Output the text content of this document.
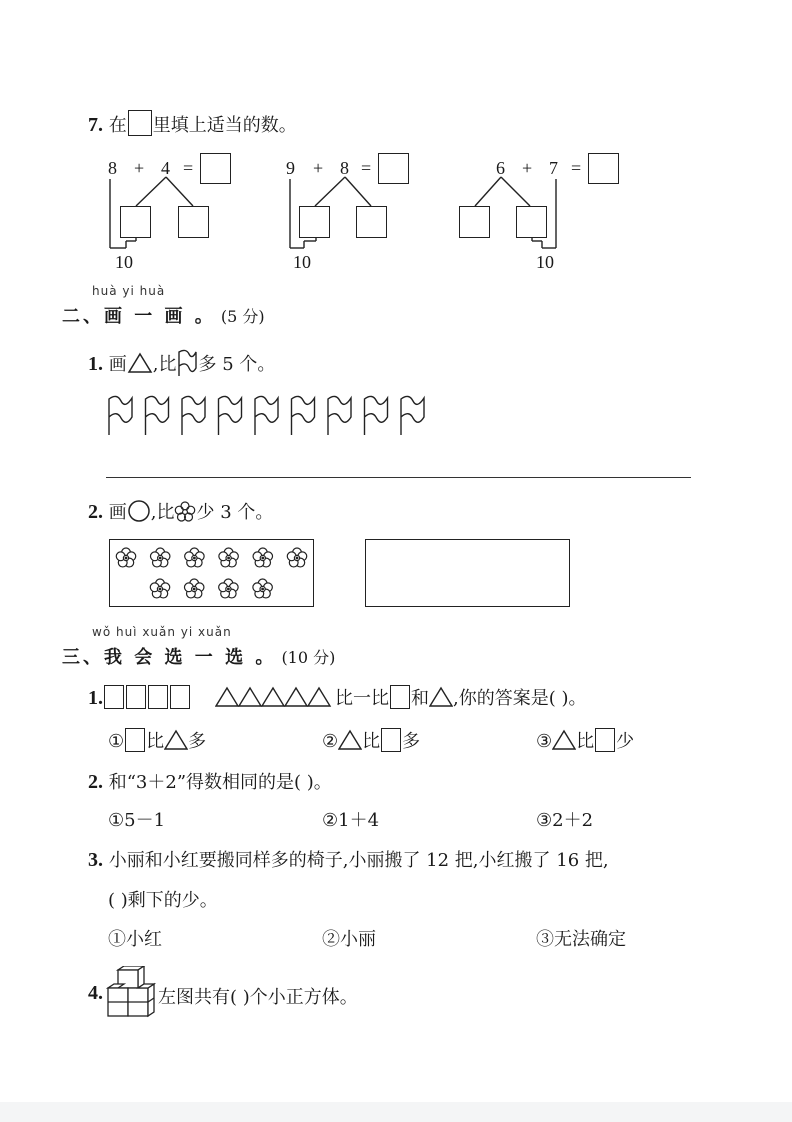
7. 在 里填上适当的数。
8 + 4 =
10
9 + 8 =
10
6 + 7 =
10
huà yi huà
二、画 一 画 。 (5 分)
1. 画 ,比 多 5 个。
2. 画 ,比 少 3 个。
wǒ huì xuǎn yi xuǎn
三、我 会 选 一 选 。 (10 分)
1.	比一比 和 ,你的答案是( )。
① 比 多	② 比 多	③ 比 少
2. 和“3＋2”得数相同的是( )。
①5－1	②1＋4	③2＋2
3. 小丽和小红要搬同样多的椅子,小丽搬了 12 把,小红搬了 16 把,
( )剩下的少。
①小红	②小丽	③无法确定
4.	左图共有( )个小正方体。
